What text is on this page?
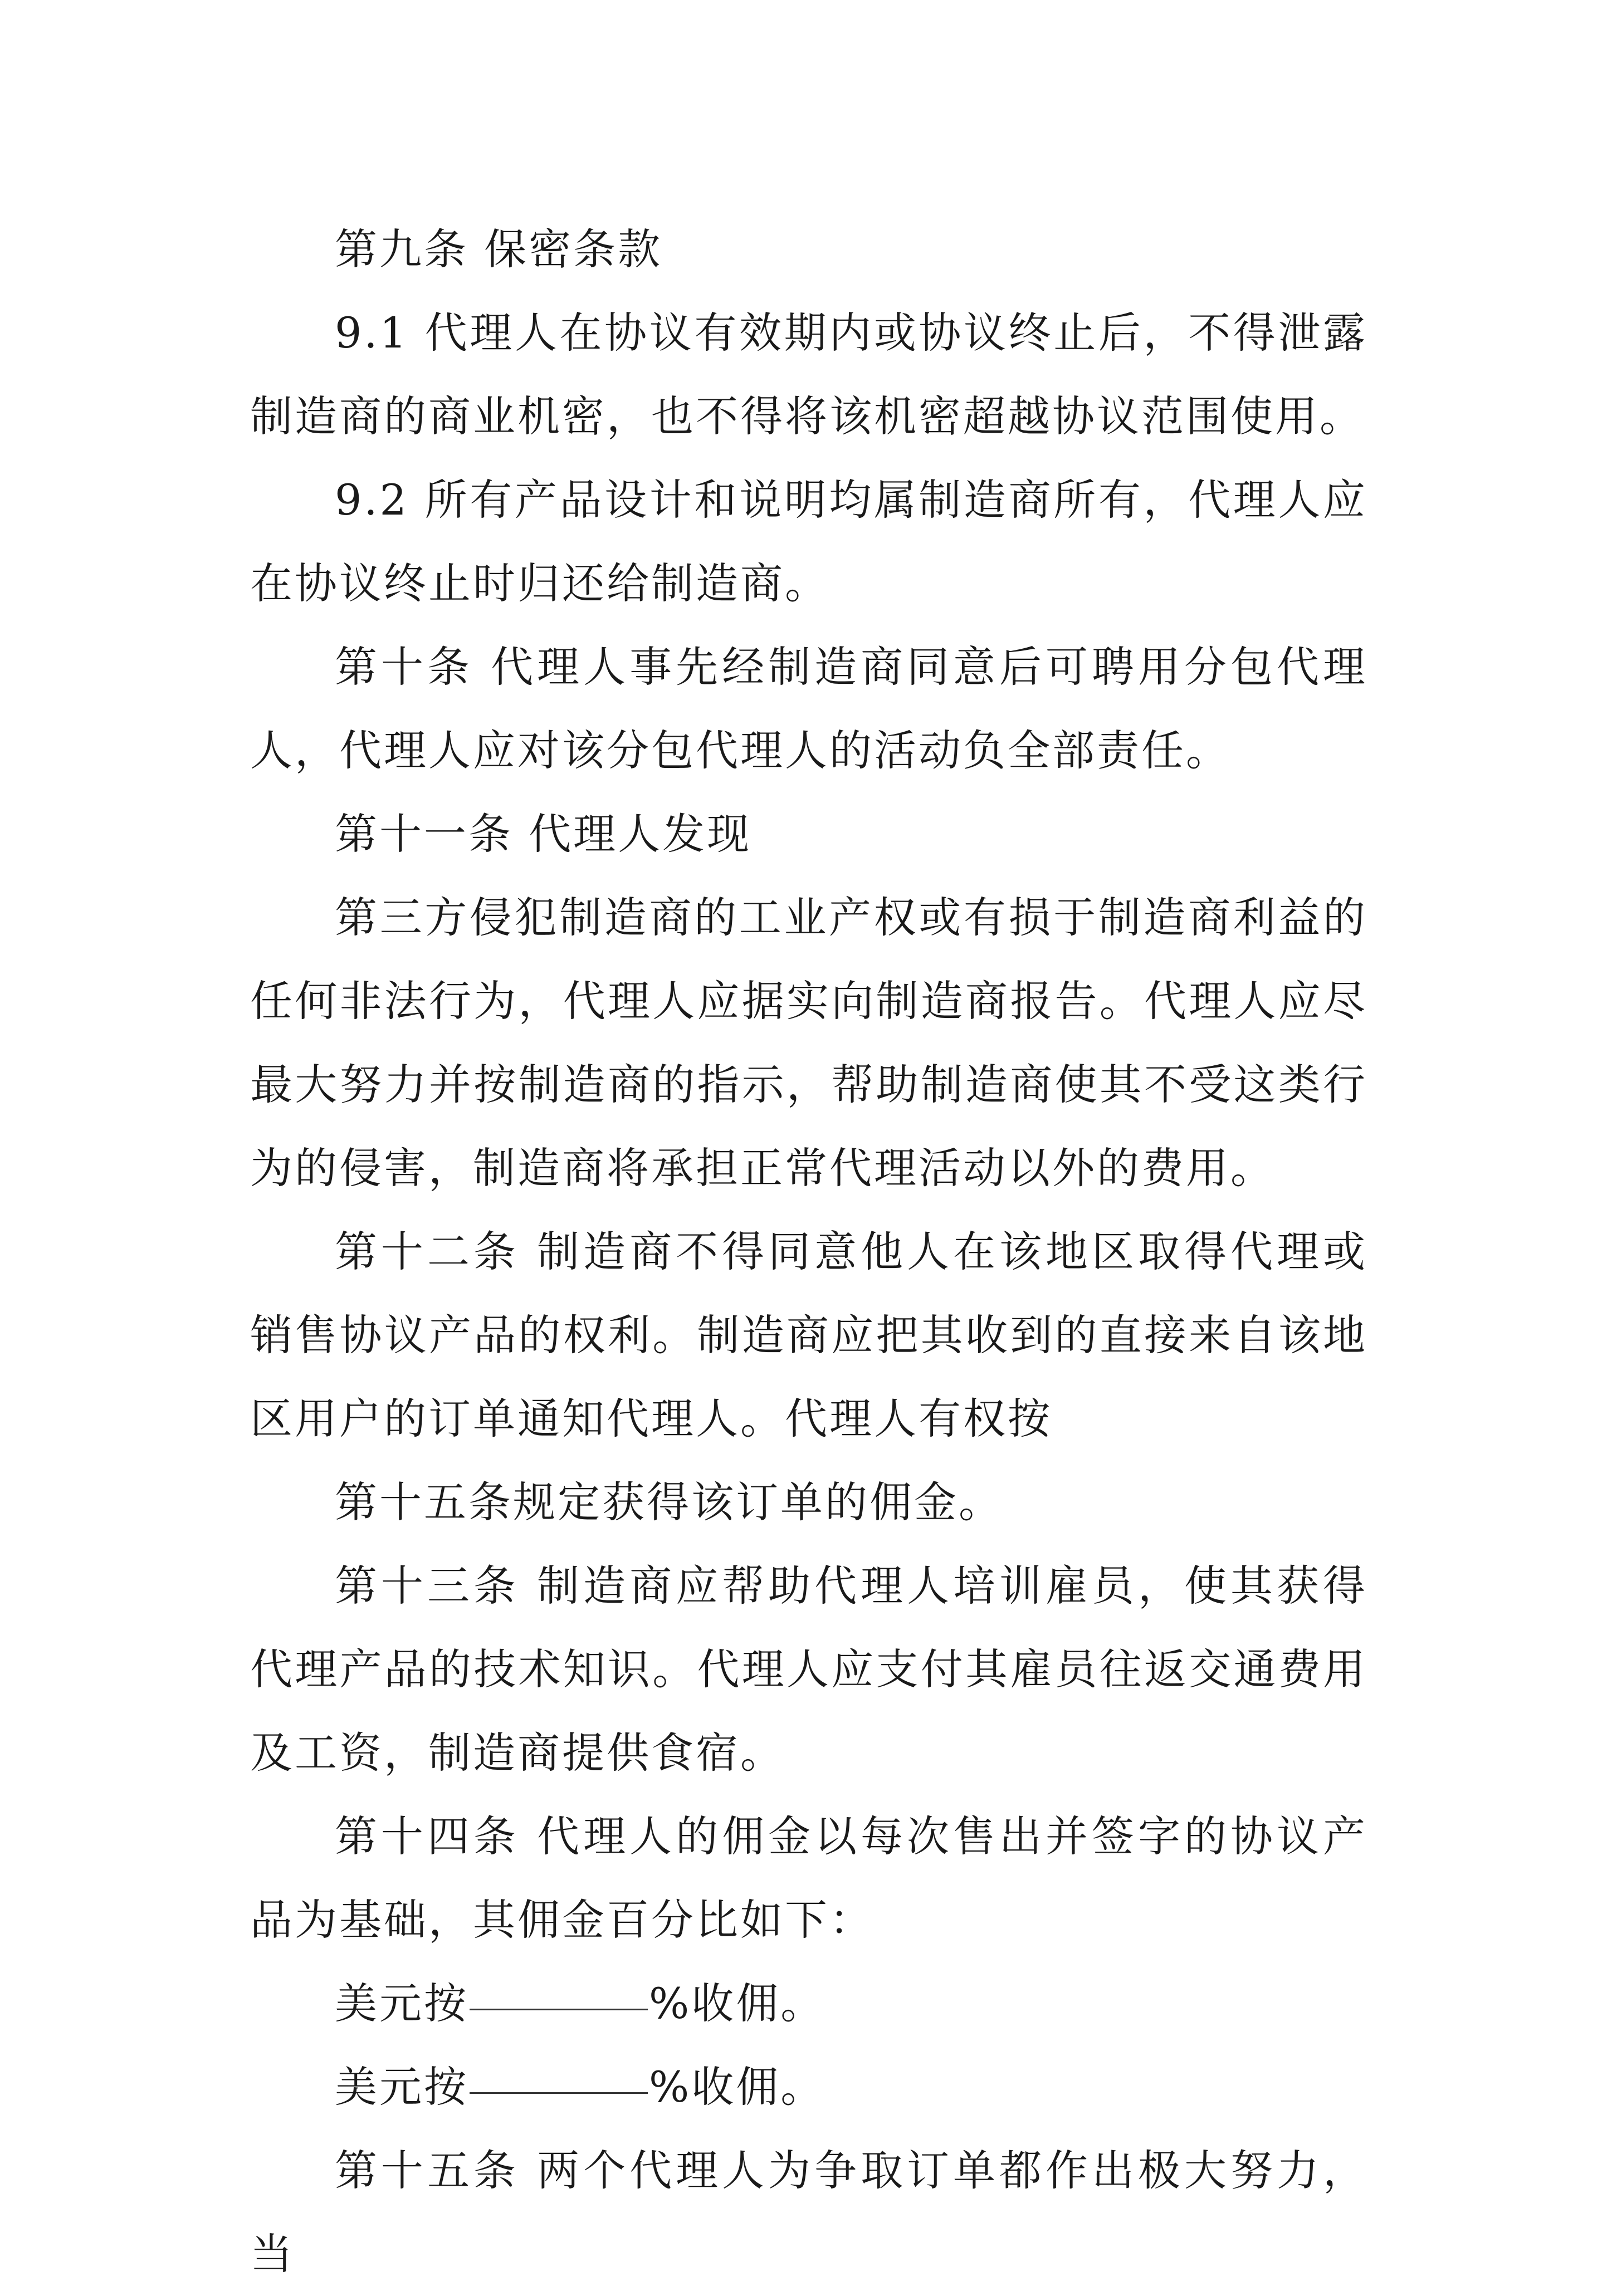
第九条 保密条款

9.1 代理人在协议有效期内或协议终止后，不得泄露制造商的商业机密，也不得将该机密超越协议范围使用。

9.2 所有产品设计和说明均属制造商所有，代理人应在协议终止时归还给制造商。

第十条 代理人事先经制造商同意后可聘用分包代理人，代理人应对该分包代理人的活动负全部责任。

第十一条 代理人发现

第三方侵犯制造商的工业产权或有损于制造商利益的任何非法行为，代理人应据实向制造商报告。代理人应尽最大努力并按制造商的指示，帮助制造商使其不受这类行为的侵害，制造商将承担正常代理活动以外的费用。

第十二条 制造商不得同意他人在该地区取得代理或销售协议产品的权利。制造商应把其收到的直接来自该地区用户的订单通知代理人。代理人有权按

第十五条规定获得该订单的佣金。

第十三条 制造商应帮助代理人培训雇员，使其获得代理产品的技术知识。代理人应支付其雇员往返交通费用及工资，制造商提供食宿。

第十四条 代理人的佣金以每次售出并签字的协议产品为基础，其佣金百分比如下：

美元按	%收佣。

美元按	%收佣。

第十五条 两个代理人为争取订单都作出极大努力，当
